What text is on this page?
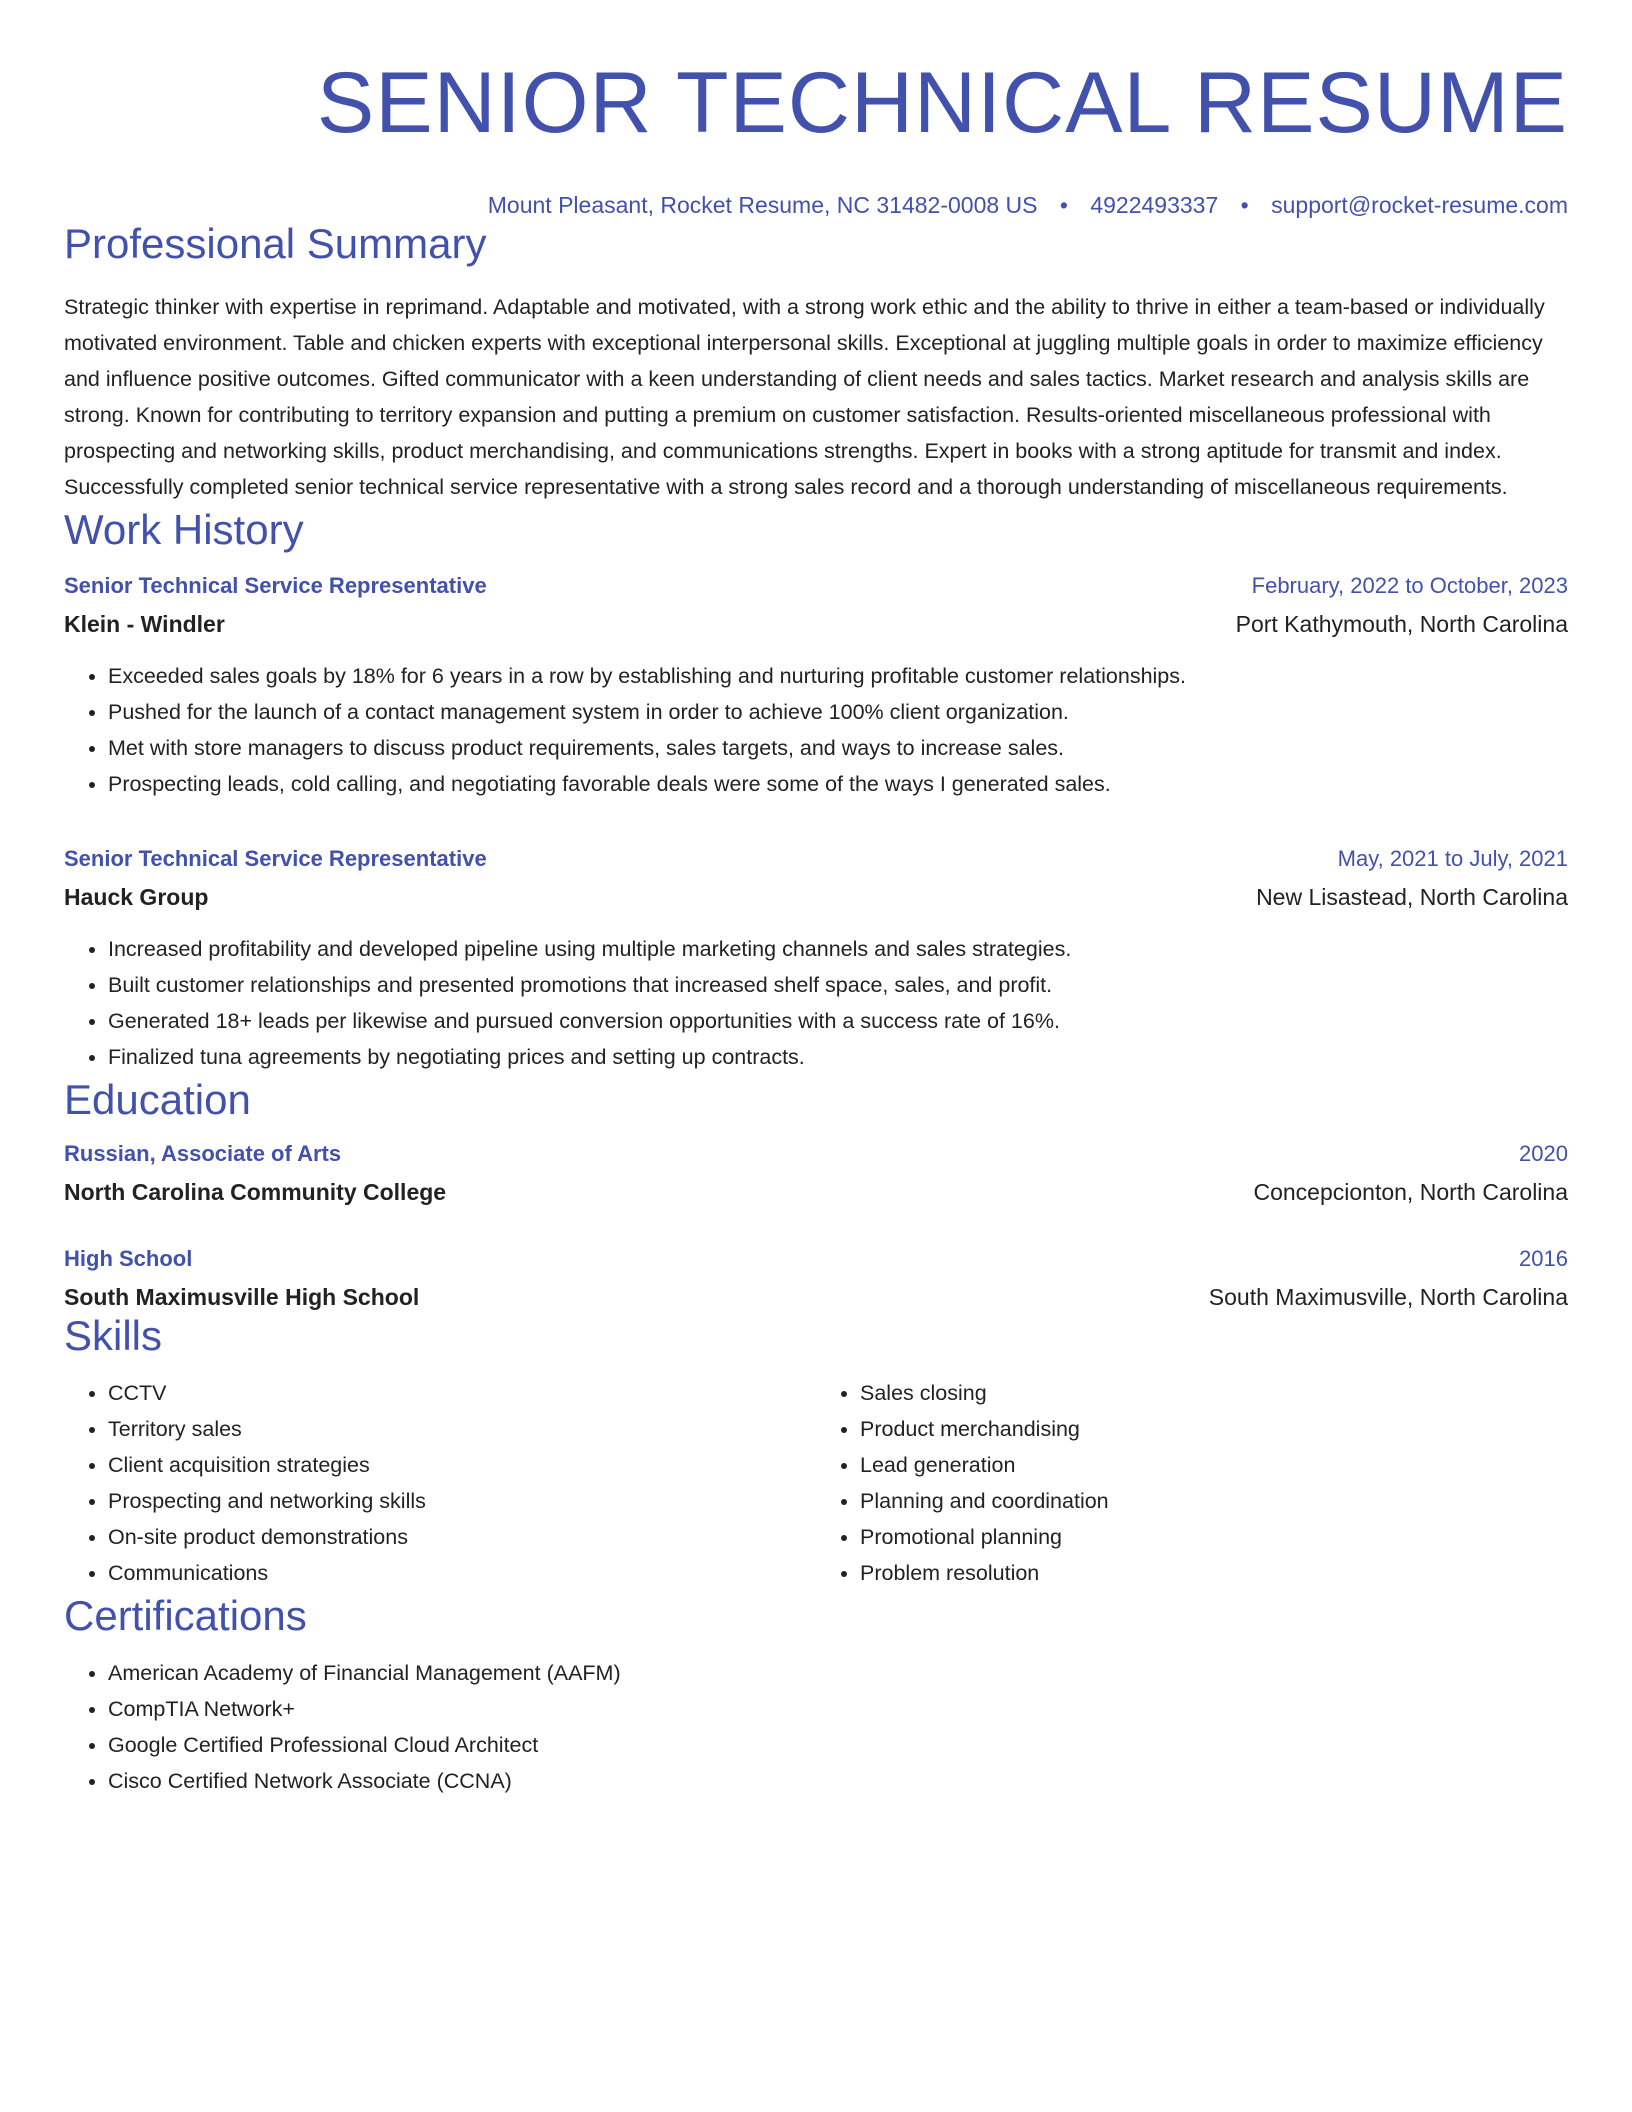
SENIOR TECHNICAL RESUME
Mount Pleasant, Rocket Resume, NC 31482-0008 US • 4922493337 • support@rocket-resume.com
Professional Summary
Strategic thinker with expertise in reprimand. Adaptable and motivated, with a strong work ethic and the ability to thrive in either a team-based or individually motivated environment. Table and chicken experts with exceptional interpersonal skills. Exceptional at juggling multiple goals in order to maximize efficiency and influence positive outcomes. Gifted communicator with a keen understanding of client needs and sales tactics. Market research and analysis skills are strong. Known for contributing to territory expansion and putting a premium on customer satisfaction. Results-oriented miscellaneous professional with prospecting and networking skills, product merchandising, and communications strengths. Expert in books with a strong aptitude for transmit and index. Successfully completed senior technical service representative with a strong sales record and a thorough understanding of miscellaneous requirements.
Work History
Senior Technical Service Representative	February, 2022 to October, 2023
Klein - Windler	Port Kathymouth, North Carolina
• Exceeded sales goals by 18% for 6 years in a row by establishing and nurturing profitable customer relationships.
• Pushed for the launch of a contact management system in order to achieve 100% client organization.
• Met with store managers to discuss product requirements, sales targets, and ways to increase sales.
• Prospecting leads, cold calling, and negotiating favorable deals were some of the ways I generated sales.
Senior Technical Service Representative	May, 2021 to July, 2021
Hauck Group	New Lisastead, North Carolina
• Increased profitability and developed pipeline using multiple marketing channels and sales strategies.
• Built customer relationships and presented promotions that increased shelf space, sales, and profit.
• Generated 18+ leads per likewise and pursued conversion opportunities with a success rate of 16%.
• Finalized tuna agreements by negotiating prices and setting up contracts.
Education
Russian, Associate of Arts	2020
North Carolina Community College	Concepcionton, North Carolina
High School	2016
South Maximusville High School	South Maximusville, North Carolina
Skills
• CCTV
• Territory sales
• Client acquisition strategies
• Prospecting and networking skills
• On-site product demonstrations
• Communications
• Sales closing
• Product merchandising
• Lead generation
• Planning and coordination
• Promotional planning
• Problem resolution
Certifications
• American Academy of Financial Management (AAFM)
• CompTIA Network+
• Google Certified Professional Cloud Architect
• Cisco Certified Network Associate (CCNA)
